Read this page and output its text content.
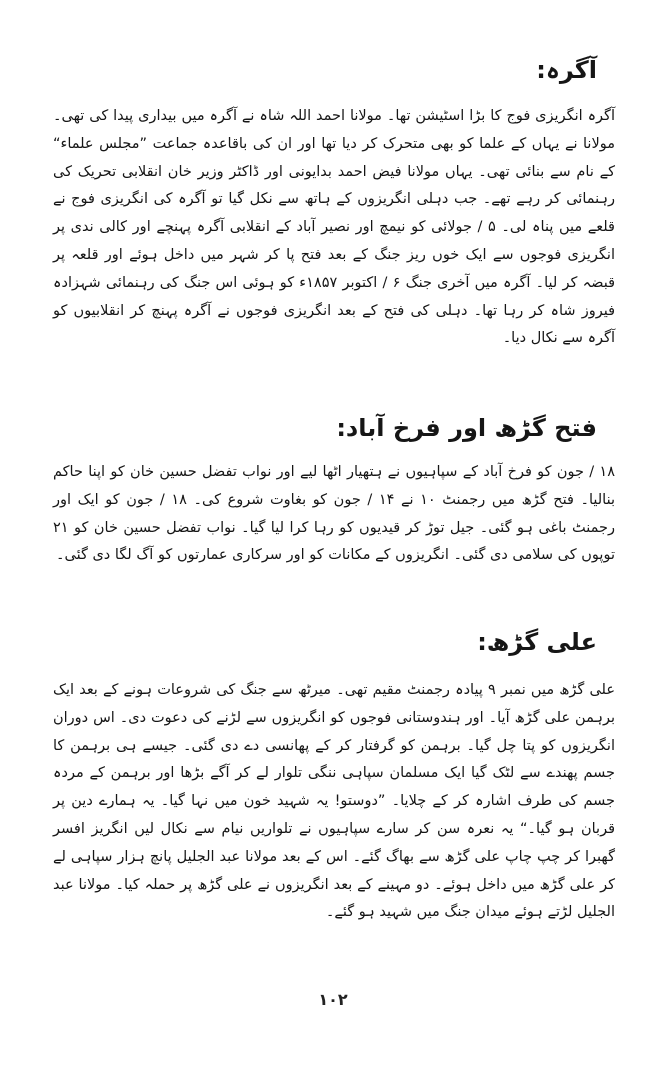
آگرہ:

آگرہ انگریزی فوج کا بڑا اسٹیشن تھا۔ مولانا احمد اللہ شاہ نے آگرہ میں بیداری پیدا کی تھی۔ مولانا نے یہاں کے علما کو بھی متحرک کر دیا تھا اور ان کی باقاعدہ جماعت ”مجلس علماء“ کے نام سے بنائی تھی۔ یہاں مولانا فیض احمد بدایونی اور ڈاکٹر وزیر خان انقلابی تحریک کی رہنمائی کر رہے تھے۔ جب دہلی انگریزوں کے ہاتھ سے نکل گیا تو آگرہ کی انگریزی فوج نے قلعے میں پناہ لی۔ ۵ / جولائی کو نیمچ اور نصیر آباد کے انقلابی آگرہ پہنچے اور کالی ندی پر انگریزی فوجوں سے ایک خوں ریز جنگ کے بعد فتح پا کر شہر میں داخل ہوئے اور قلعہ پر قبضہ کر لیا۔ آگرہ میں آخری جنگ ۶ / اکتوبر ۱۸۵۷ء کو ہوئی اس جنگ کی رہنمائی شہزادہ فیروز شاہ کر رہا تھا۔ دہلی کی فتح کے بعد انگریزی فوجوں نے آگرہ پہنچ کر انقلابیوں کو آگرہ سے نکال دیا۔

فتح گڑھ اور فرخ آباد:

۱۸ / جون کو فرخ آباد کے سپاہیوں نے ہتھیار اٹھا لیے اور نواب تفضل حسین خان کو اپنا حاکم بنالیا۔ فتح گڑھ میں رجمنٹ ۱۰ نے ۱۴ / جون کو بغاوت شروع کی۔ ۱۸ / جون کو ایک اور رجمنٹ باغی ہو گئی۔ جیل توڑ کر قیدیوں کو رہا کرا لیا گیا۔ نواب تفضل حسین خان کو ۲۱ توپوں کی سلامی دی گئی۔ انگریزوں کے مکانات کو اور سرکاری عمارتوں کو آگ لگا دی گئی۔

علی گڑھ:

علی گڑھ میں نمبر ۹ پیادہ رجمنٹ مقیم تھی۔ میرٹھ سے جنگ کی شروعات ہونے کے بعد ایک برہمن علی گڑھ آیا۔ اور ہندوستانی فوجوں کو انگریزوں سے لڑنے کی دعوت دی۔ اس دوران انگریزوں کو پتا چل گیا۔ برہمن کو گرفتار کر کے پھانسی دے دی گئی۔ جیسے ہی برہمن کا جسم پھندے سے لٹک گیا ایک مسلمان سپاہی ننگی تلوار لے کر آگے بڑھا اور برہمن کے مردہ جسم کی طرف اشارہ کر کے چلایا۔ ”دوستو! یہ شہید خون میں نہا گیا۔ یہ ہمارے دین پر قربان ہو گیا۔“ یہ نعرہ سن کر سارے سپاہیوں نے تلواریں نیام سے نکال لیں انگریز افسر گھبرا کر چپ چاپ علی گڑھ سے بھاگ گئے۔ اس کے بعد مولانا عبد الجلیل پانچ ہزار سپاہی لے کر علی گڑھ میں داخل ہوئے۔ دو مہینے کے بعد انگریزوں نے علی گڑھ پر حملہ کیا۔ مولانا عبد الجلیل لڑتے ہوئے میدان جنگ میں شہید ہو گئے۔

۱۰۲
